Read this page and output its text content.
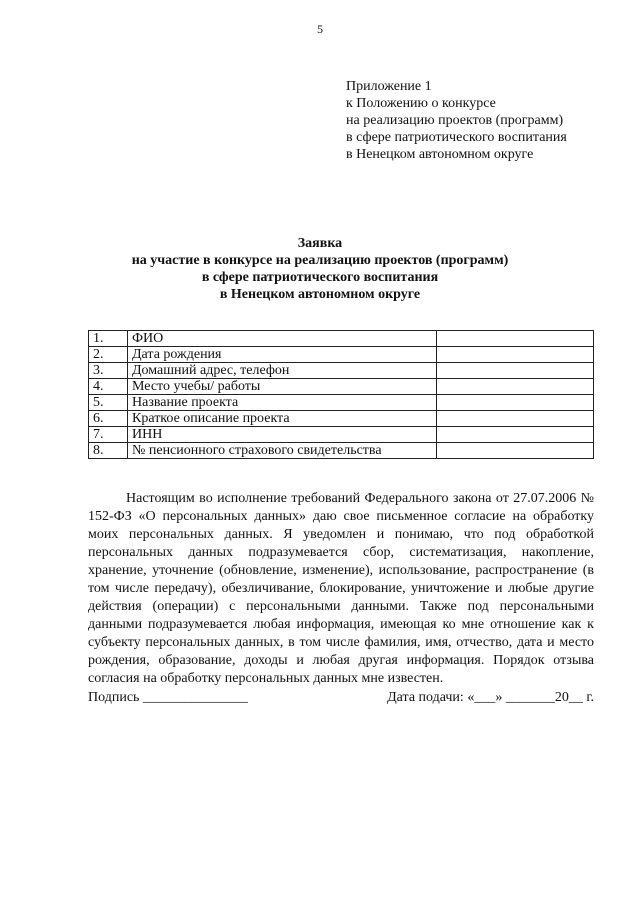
5
Приложение 1
к Положению о конкурсе
на реализацию проектов (программ)
в сфере патриотического воспитания
в Ненецком автономном округе
Заявка
на участие в конкурсе на реализацию проектов (программ)
в сфере патриотического воспитания
в Ненецком автономном округе
1.	ФИО	
2.	Дата рождения	
3.	Домашний адрес, телефон	
4.	Место учебы/ работы	
5.	Название проекта	
6.	Краткое описание проекта	
7.	ИНН	
8.	№ пенсионного страхового свидетельства	

Настоящим во исполнение требований Федерального закона от 27.07.2006 № 152-ФЗ «О персональных данных» даю свое письменное согласие на обработку моих персональных данных. Я уведомлен и понимаю, что под обработкой персональных данных подразумевается сбор, систематизация, накопление, хранение, уточнение (обновление, изменение), использование, распространение (в том числе передачу), обезличивание, блокирование, уничтожение и любые другие действия (операции) с персональными данными. Также под персональными данными подразумевается любая информация, имеющая ко мне отношение как к субъекту персональных данных, в том числе фамилия, имя, отчество, дата и место рождения, образование, доходы и любая другая информация. Порядок отзыва согласия на обработку персональных данных мне известен.

Подпись _______________	Дата подачи: «___» _______20__ г.
